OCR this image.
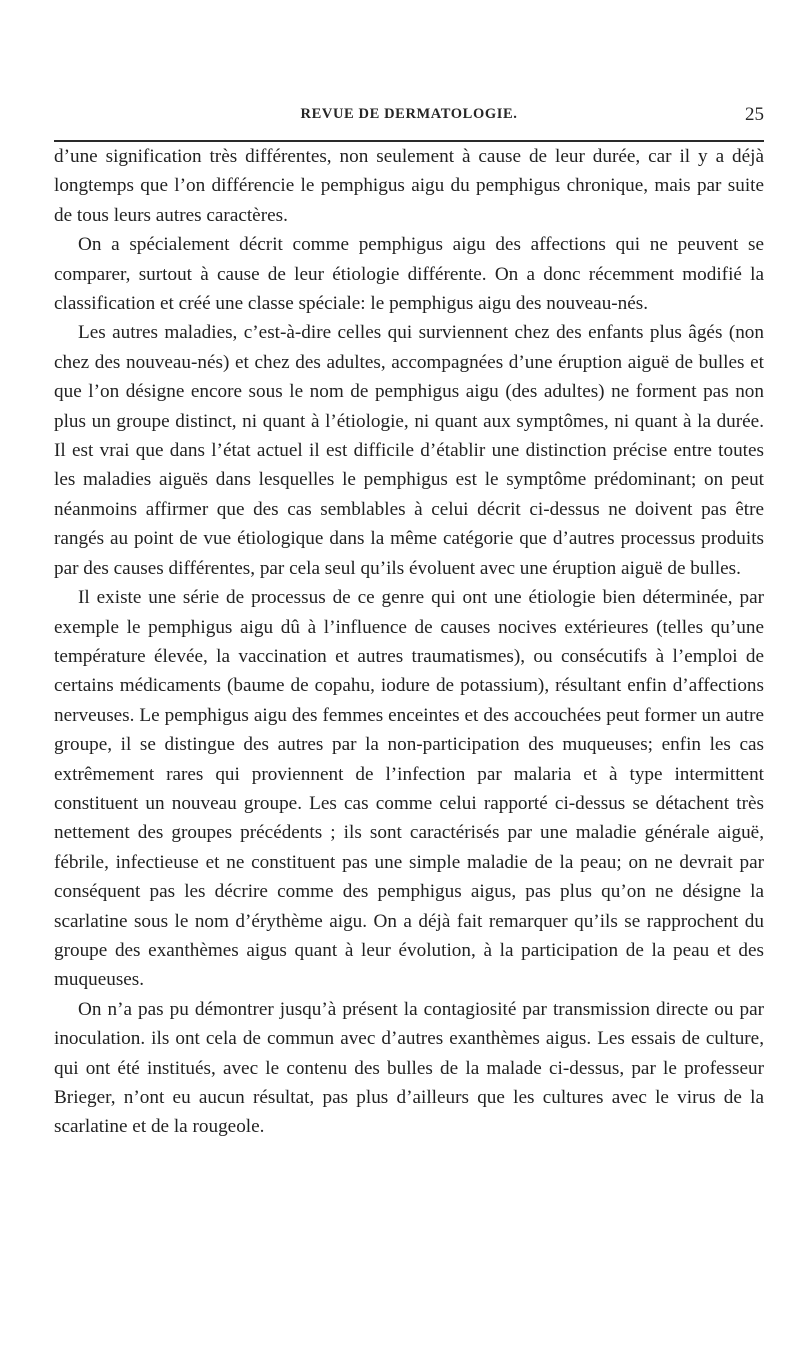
REVUE DE DERMATOLOGIE.	25

d’une signification très différentes, non seulement à cause de leur durée, car il y a déjà longtemps que l’on différencie le pemphigus aigu du pemphigus chronique, mais par suite de tous leurs autres caractères.

On a spécialement décrit comme pemphigus aigu des affections qui ne peuvent se comparer, surtout à cause de leur étiologie différente. On a donc récemment modifié la classification et créé une classe spéciale: le pemphigus aigu des nouveau-nés.

Les autres maladies, c’est-à-dire celles qui surviennent chez des enfants plus âgés (non chez des nouveau-nés) et chez des adultes, accompagnées d’une éruption aiguë de bulles et que l’on désigne encore sous le nom de pemphigus aigu (des adultes) ne forment pas non plus un groupe distinct, ni quant à l’étiologie, ni quant aux symptômes, ni quant à la durée. Il est vrai que dans l’état actuel il est difficile d’établir une distinction précise entre toutes les maladies aiguës dans lesquelles le pemphigus est le symptôme prédominant; on peut néanmoins affirmer que des cas semblables à celui décrit ci-dessus ne doivent pas être rangés au point de vue étiologique dans la même catégorie que d’autres processus produits par des causes différentes, par cela seul qu’ils évoluent avec une éruption aiguë de bulles.

Il existe une série de processus de ce genre qui ont une étiologie bien déterminée, par exemple le pemphigus aigu dû à l’influence de causes nocives extérieures (telles qu’une température élevée, la vaccination et autres traumatismes), ou consécutifs à l’emploi de certains médicaments (baume de copahu, iodure de potassium), résultant enfin d’affections nerveuses. Le pemphigus aigu des femmes enceintes et des accouchées peut former un autre groupe, il se distingue des autres par la non-participation des muqueuses; enfin les cas extrêmement rares qui proviennent de l’infection par malaria et à type intermittent constituent un nouveau groupe. Les cas comme celui rapporté ci-dessus se détachent très nettement des groupes précédents ; ils sont caractérisés par une maladie générale aiguë, fébrile, infectieuse et ne constituent pas une simple maladie de la peau; on ne devrait par conséquent pas les décrire comme des pemphigus aigus, pas plus qu’on ne désigne la scarlatine sous le nom d’érythème aigu. On a déjà fait remarquer qu’ils se rapprochent du groupe des exanthèmes aigus quant à leur évolution, à la participation de la peau et des muqueuses.

On n’a pas pu démontrer jusqu’à présent la contagiosité par transmission directe ou par inoculation. ils ont cela de commun avec d’autres exanthèmes aigus. Les essais de culture, qui ont été institués, avec le contenu des bulles de la malade ci-dessus, par le professeur Brieger, n’ont eu aucun résultat, pas plus d’ailleurs que les cultures avec le virus de la scarlatine et de la rougeole.
